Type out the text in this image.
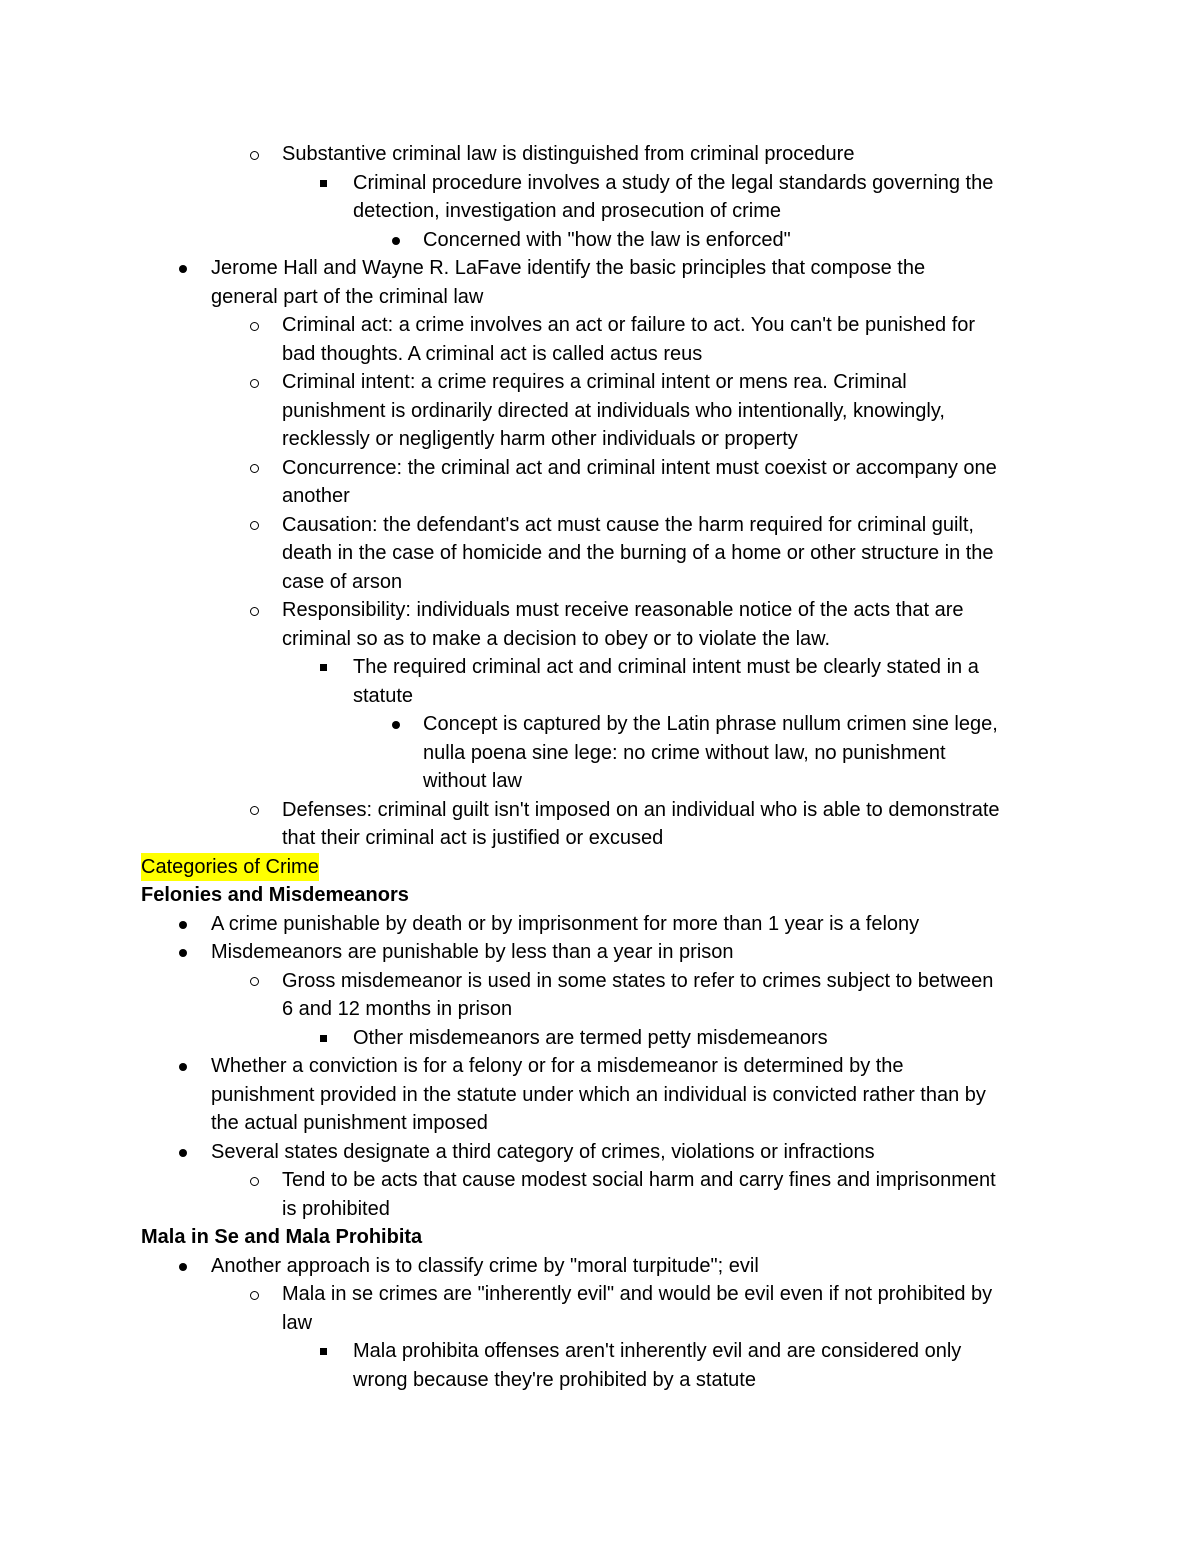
Substantive criminal law is distinguished from criminal procedure
Criminal procedure involves a study of the legal standards governing the
detection, investigation and prosecution of crime
Concerned with "how the law is enforced"
Jerome Hall and Wayne R. LaFave identify the basic principles that compose the
general part of the criminal law
Criminal act: a crime involves an act or failure to act. You can't be punished for
bad thoughts. A criminal act is called actus reus
Criminal intent: a crime requires a criminal intent or mens rea. Criminal
punishment is ordinarily directed at individuals who intentionally, knowingly,
recklessly or negligently harm other individuals or property
Concurrence: the criminal act and criminal intent must coexist or accompany one
another
Causation: the defendant's act must cause the harm required for criminal guilt,
death in the case of homicide and the burning of a home or other structure in the
case of arson
Responsibility: individuals must receive reasonable notice of the acts that are
criminal so as to make a decision to obey or to violate the law.
The required criminal act and criminal intent must be clearly stated in a
statute
Concept is captured by the Latin phrase nullum crimen sine lege,
nulla poena sine lege: no crime without law, no punishment
without law
Defenses: criminal guilt isn't imposed on an individual who is able to demonstrate
that their criminal act is justified or excused
Categories of Crime
Felonies and Misdemeanors
A crime punishable by death or by imprisonment for more than 1 year is a felony
Misdemeanors are punishable by less than a year in prison
Gross misdemeanor is used in some states to refer to crimes subject to between
6 and 12 months in prison
Other misdemeanors are termed petty misdemeanors
Whether a conviction is for a felony or for a misdemeanor is determined by the
punishment provided in the statute under which an individual is convicted rather than by
the actual punishment imposed
Several states designate a third category of crimes, violations or infractions
Tend to be acts that cause modest social harm and carry fines and imprisonment
is prohibited
Mala in Se and Mala Prohibita
Another approach is to classify crime by "moral turpitude"; evil
Mala in se crimes are "inherently evil" and would be evil even if not prohibited by
law
Mala prohibita offenses aren't inherently evil and are considered only
wrong because they're prohibited by a statute
